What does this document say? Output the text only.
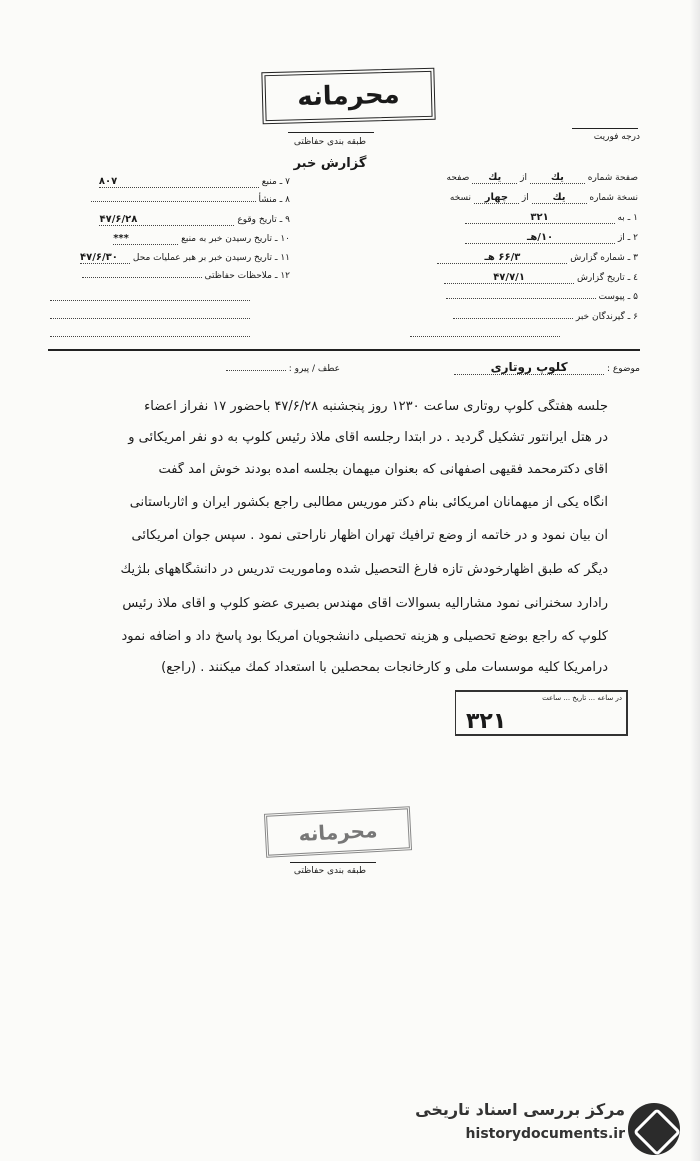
محرمانه
طبقه بندی حفاظتی	درجه فوريت
گزارش خبر
صفحة شماره يك از يك صفحه
نسخة شماره يك از چهار نسخه
۱ ـ به ۳۲۱
۲ ـ از ۱۰/هـ
۳ ـ شماره گزارش ۶۶/۳ هـ
٤ ـ تاريخ گزارش ۴۷/۷/۱
۵ ـ پيوست
۶ ـ گيرندگان خبر
۷ ـ منبع ۸۰۷
۸ ـ منشأ
۹ ـ تاريخ وقوع ۴۷/۶/۲۸
۱۰ ـ تاريخ رسيدن خبر به منبع ***
۱۱ ـ تاريخ رسيدن خبر بر هبر عمليات محل ۴۷/۶/۳۰
۱۲ ـ ملاحظات حفاظتی
موضوع : كلوپ روتاری
عطف / پيرو :
جلسه هفتگی كلوپ روتاری ساعت ۱۲۳۰ روز پنجشنبه ۴۷/۶/۲۸ باحضور ۱۷ نفراز اعضاء
در هتل ایرانتور تشكیل گردید . در ابتدا رجلسه آقای ملاذ رئیس كلوپ به دو نفر آمریكائی و
آقای دكترمحمد فقیهی اصفهانی كه بعنوان میهمان بجلسه آمده بودند خوش آمد گفت
آنگاه یكی از میهمانان آمریكائی بنام دكتر موریس مطالبی راجع بكشور ایران و آثارباستانی
آن بیان نمود و در خاتمه از وضع ترافیك تهران اظهار ناراحتی نمود . سپس جوان آمریكائی
دیگر كه طبق اظهارخودش تازه فارغ التحصیل شده ومأموریت تدریس در دانشگاههای بلژیك
رادارد سخنرانی نمود مشارالیه بسوالات آقای مهندس بصیری عضو كلوپ و آقای ملاذ رئیس
كلوپ كه راجع بوضع تحصیلی و هزینه تحصیلی دانشجویان آمریكا بود پاسخ داد و اضافه نمود
درآمریكا كلیه موسسات ملی و كارخانجات بمحصلین با استعداد كمك میكنند . (راجع)
در ساعه ... تاریخ ... ساعت
۳۲۱
محرمانه
طبقه بندی حفاظتی
مرکز بررسی اسناد تاریخی
historydocuments.ir
